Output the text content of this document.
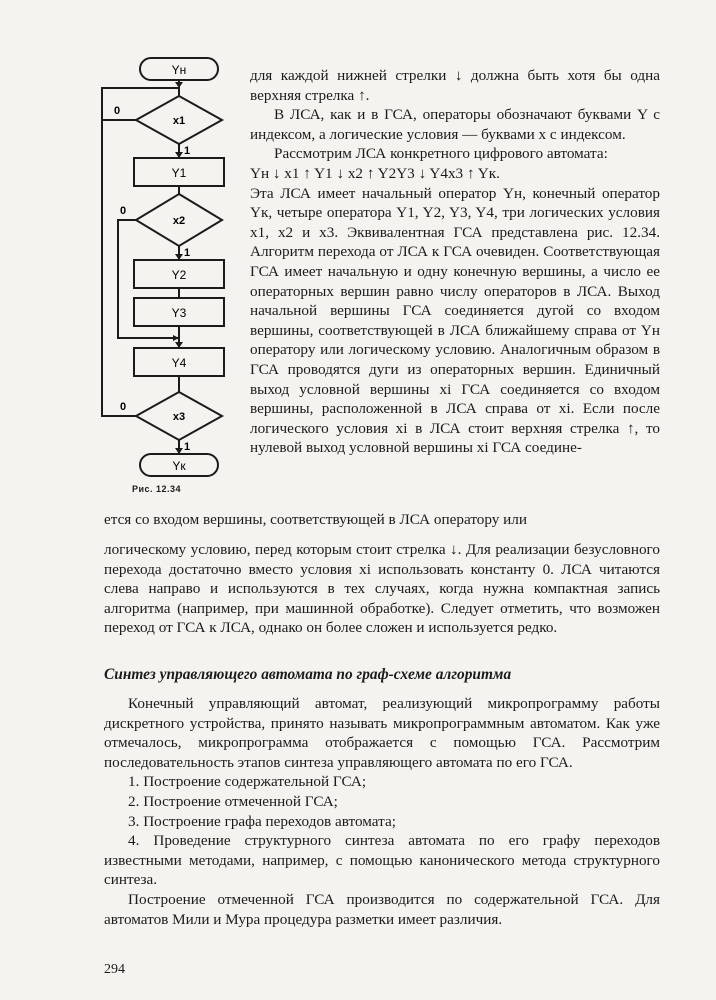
Yн
x1
Y1
x2
Y2
Y3
Y4
x3
Yк
0
1
0
1
0
1
Рис. 12.34

для каждой нижней стрелки ↓ должна быть хотя бы одна верхняя стрелка ↑.

В ЛСА, как и в ГСА, операторы обозначают буквами Y с индексом, а логические условия — буквами x с индексом.

Рассмотрим ЛСА конкретного цифрового автомата:

Yн ↓ x1 ↑ Y1 ↓ x2 ↑ Y2Y3 ↓ Y4x3 ↑ Yк.

Эта ЛСА имеет начальный оператор Yн, конечный оператор Yк, четыре оператора Y1, Y2, Y3, Y4, три логических условия x1, x2 и x3. Эквивалентная ГСА представлена рис. 12.34. Алгоритм перехода от ЛСА к ГСА очевиден. Соответствующая ГСА имеет начальную и одну конечную вершины, а число ее операторных вершин равно числу операторов в ЛСА. Выход начальной вершины ГСА соединяется дугой со входом вершины, соответствующей в ЛСА ближайшему справа от Yн оператору или логическому условию. Аналогичным образом в ГСА проводятся дуги из операторных вершин. Единичный выход условной вершины xi ГСА соединяется со входом вершины, расположенной в ЛСА справа от xi. Если после логического условия xi в ЛСА стоит верхняя стрелка ↑, то нулевой выход условной вершины xi ГСА соедине-

ется со входом вершины, соответствующей в ЛСА оператору или

логическому условию, перед которым стоит стрелка ↓. Для реализации безусловного перехода достаточно вместо условия xi использовать константу 0. ЛСА читаются слева направо и используются в тех случаях, когда нужна компактная запись алгоритма (например, при машинной обработке). Следует отметить, что возможен переход от ГСА к ЛСА, однако он более сложен и используется редко.

Синтез управляющего автомата по граф-схеме алгоритма

Конечный управляющий автомат, реализующий микропрограмму работы дискретного устройства, принято называть микропрограммным автоматом. Как уже отмечалось, микропрограмма отображается с помощью ГСА. Рассмотрим последовательность этапов синтеза управляющего автомата по его ГСА.

1. Построение содержательной ГСА;

2. Построение отмеченной ГСА;

3. Построение графа переходов автомата;

4. Проведение структурного синтеза автомата по его графу переходов известными методами, например, с помощью канонического метода структурного синтеза.

Построение отмеченной ГСА производится по содержательной ГСА. Для автоматов Мили и Мура процедура разметки имеет различия.

294
